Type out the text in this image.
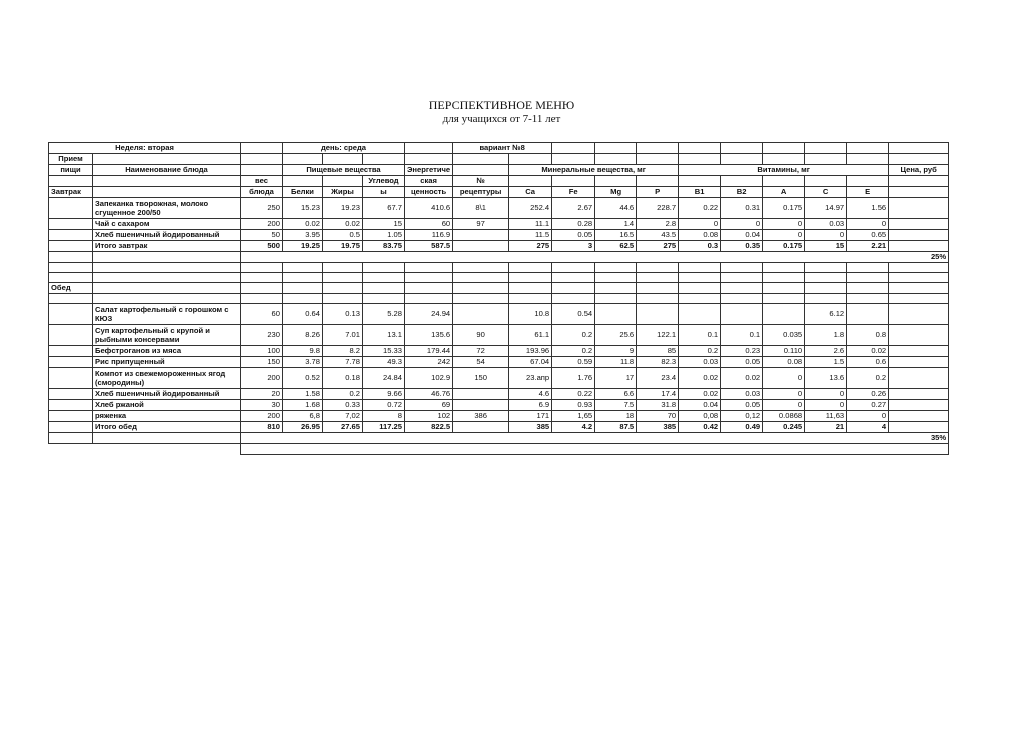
ПЕРСПЕКТИВНОЕ МЕНЮ
для учащихся от 7-11 лет
Неделя: вторая			день: среда				вариант №8										
Прием																	
пищи	Наименование блюда		Пищевые вещества			Энергетиче		Минеральные вещества, мг				Витамины, мг					Цена, руб
		вес			Углевод	ская	№										
Завтрак		блюда	Белки	Жиры	ы	ценность	рецептуры	Ca	Fe	Mg	P	B1	B2	A	C	E	
	Запеканка творожная, молоко сгущенное 200/50	250	15.23	19.23	67.7	410.6	8\1	252.4	2.67	44.6	228.7	0.22	0.31	0.175	14.97	1.56	
	Чай с сахаром	200	0.02	0.02	15	60	97	11.1	0.28	1.4	2.8	0	0	0	0.03	0	
	Хлеб пшеничный йодированный	50	3.95	0.5	1.05	116.9		11.5	0.05	16.5	43.5	0.08	0.04	0	0	0.65	
	Итого завтрак	500	19.25	19.75	83.75	587.5		275	3	62.5	275	0.3	0.35	0.175	15	2.21	
		25%															

Обед																	

	Салат картофельный с горошком с КЮЗ	60	0.64	0.13	5.28	24.94		10.8	0.54						6.12		
	Суп картофельный с крупой и рыбными консервами	230	8.26	7.01	13.1	135.6	90	61.1	0.2	25.6	122.1	0.1	0.1	0.035	1.8	0.8	
	Бефстроганов из мяса	100	9.8	8.2	15.33	179.44	72	193.96	0.2	9	85	0.2	0.23	0.110	2.6	0.02	
	Рис припущенный	150	3.78	7.78	49.3	242	54	67.04	0.59	11.8	82.3	0.03	0.05	0.08	1.5	0.6	
	Компот из свежемороженных ягод (смородины)	200	0.52	0.18	24.84	102.9	150	23.апр	1.76	17	23.4	0.02	0.02	0	13.6	0.2	
	Хлеб пшеничный йодированный	20	1.58	0.2	9.66	46.76		4.6	0.22	6.6	17.4	0.02	0.03	0	0	0.26	
	Хлеб ржаной	30	1.68	0.33	0.72	69		6.9	0.93	7.5	31.8	0.04	0.05	0	0	0.27	
	ряженка	200	6,8	7,02	8	102	386	171	1,65	18	70	0,08	0,12	0.0868	11,63	0	
	Итого обед	810	26.95	27.65	117.25	822.5		385	4.2	87.5	385	0.42	0.49	0.245	21	4	
		35%															
